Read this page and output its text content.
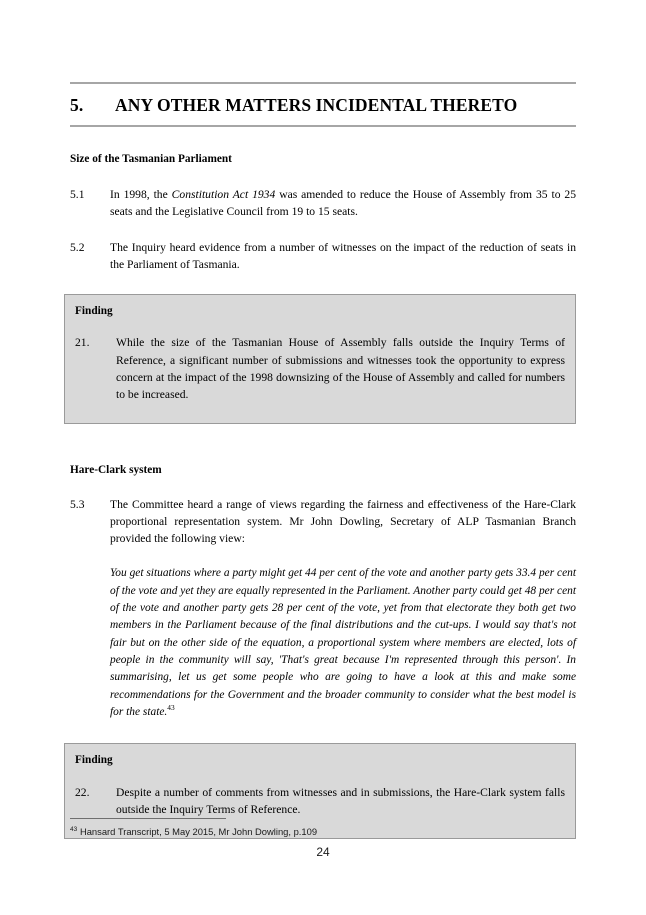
5.	ANY OTHER MATTERS INCIDENTAL THERETO
Size of the Tasmanian Parliament
5.1	In 1998, the Constitution Act 1934 was amended to reduce the House of Assembly from 35 to 25 seats and the Legislative Council from 19 to 15 seats.
5.2	The Inquiry heard evidence from a number of witnesses on the impact of the reduction of seats in the Parliament of Tasmania.
Finding
21.	While the size of the Tasmanian House of Assembly falls outside the Inquiry Terms of Reference, a significant number of submissions and witnesses took the opportunity to express concern at the impact of the 1998 downsizing of the House of Assembly and called for numbers to be increased.
Hare-Clark system
5.3	The Committee heard a range of views regarding the fairness and effectiveness of the Hare-Clark proportional representation system. Mr John Dowling, Secretary of ALP Tasmanian Branch provided the following view:
You get situations where a party might get 44 per cent of the vote and another party gets 33.4 per cent of the vote and yet they are equally represented in the Parliament. Another party could get 48 per cent of the vote and another party gets 28 per cent of the vote, yet from that electorate they both get two members in the Parliament because of the final distributions and the cut-ups. I would say that's not fair but on the other side of the equation, a proportional system where members are elected, lots of people in the community will say, 'That's great because I'm represented through this person'. In summarising, let us get some people who are going to have a look at this and make some recommendations for the Government and the broader community to consider what the best model is for the state.$^{43}$
Finding
22.	Despite a number of comments from witnesses and in submissions, the Hare-Clark system falls outside the Inquiry Terms of Reference.
$^{43}$ Hansard Transcript, 5 May 2015, Mr John Dowling, p.109
24
